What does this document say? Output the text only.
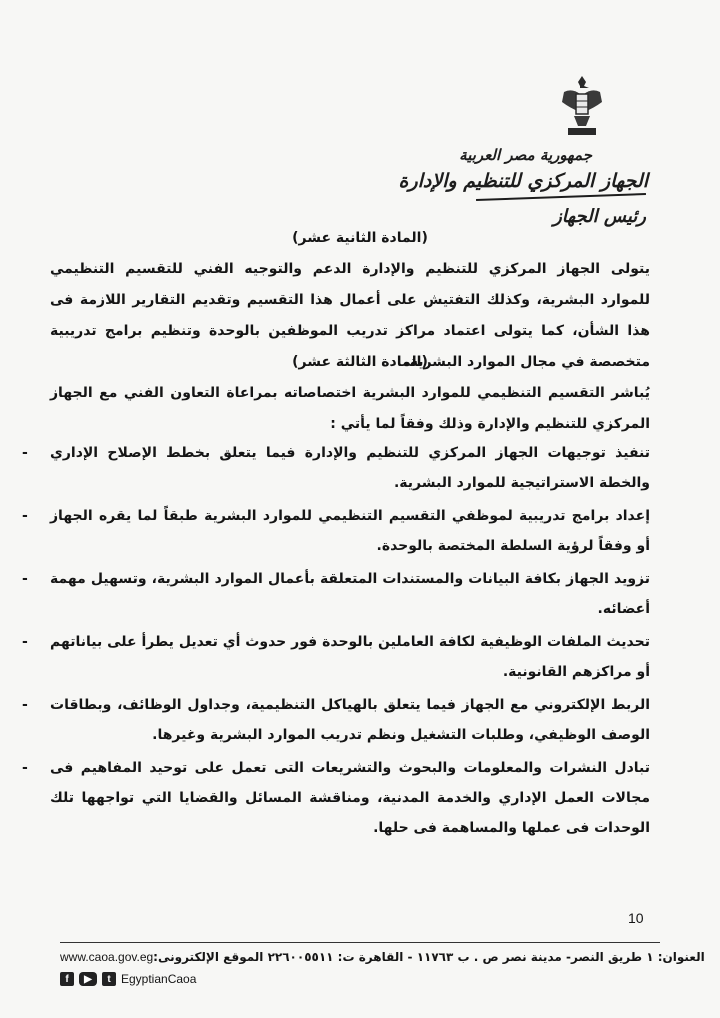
جمهورية مصر العربية
الجهاز المركزي للتنظيم والإدارة
رئيس الجهاز
(المادة الثانية عشر)

يتولى الجهاز المركزي للتنظيم والإدارة الدعم والتوجيه الفني للتقسيم التنظيمي للموارد البشرية، وكذلك التفتيش على أعمال هذا التقسيم وتقديم التقارير اللازمة فى هذا الشأن، كما يتولى اعتماد مراكز تدريب الموظفين بالوحدة وتنظيم برامج تدريبية متخصصة في مجال الموارد البشرية.

(المادة الثالثة عشر)

يُباشر التقسيم التنظيمي للموارد البشرية اختصاصاته بمراعاة التعاون الفني مع الجهاز المركزي للتنظيم والإدارة وذلك وفقاً لما يأتي :

- تنفيذ توجيهات الجهاز المركزي للتنظيم والإدارة فيما يتعلق بخطط الإصلاح الإداري والخطة الاستراتيجية للموارد البشرية.
- إعداد برامج تدريبية لموظفي التقسيم التنظيمي للموارد البشرية طبقاً لما يقره الجهاز أو وفقاً لرؤية السلطة المختصة بالوحدة.
- تزويد الجهاز بكافة البيانات والمستندات المتعلقة بأعمال الموارد البشرية، وتسهيل مهمة أعضائه.
- تحديث الملفات الوظيفية لكافة العاملين بالوحدة فور حدوث أي تعديل يطرأ على بياناتهم أو مراكزهم القانونية.
- الربط الإلكتروني مع الجهاز فيما يتعلق بالهياكل التنظيمية، وجداول الوظائف، وبطاقات الوصف الوظيفي، وطلبات التشغيل ونظم تدريب الموارد البشرية وغيرها.
- تبادل النشرات والمعلومات والبحوث والتشريعات التى تعمل على توحيد المفاهيم فى مجالات العمل الإداري والخدمة المدنية، ومناقشة المسائل والقضايا التي تواجهها تلك الوحدات فى عملها والمساهمة فى حلها.
10
www.caoa.gov.eg العنوان: ١ طريق النصر- مدينة نصر ص . ب ١١٧٦٣ - القاهرة ت: ٢٢٦٠٠٥٥١١ الموقع الإلكترونى:
f	▶	t EgyptianCaoa
